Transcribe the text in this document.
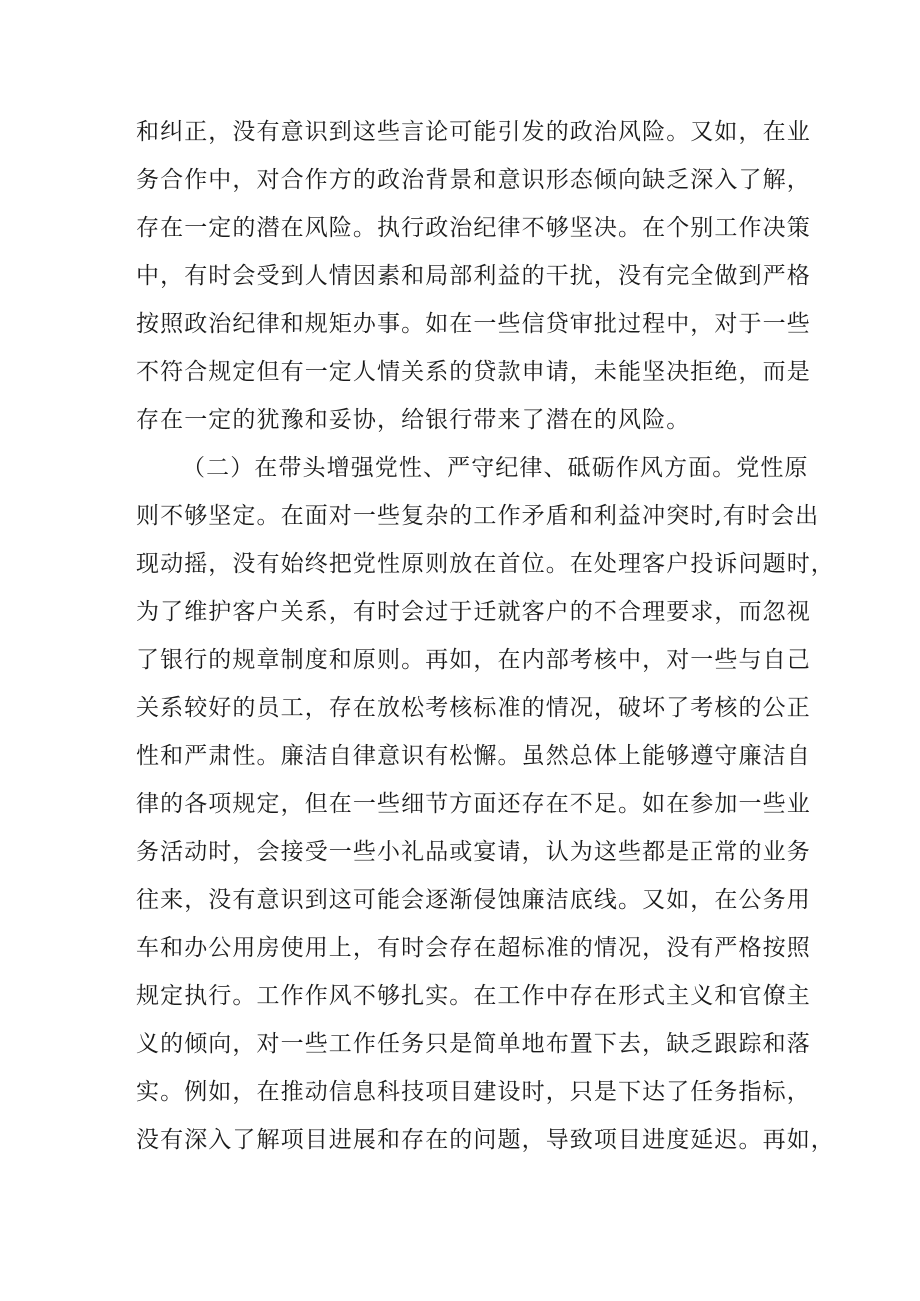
和纠正，没有意识到这些言论可能引发的政治风险。又如，在业
务合作中，对合作方的政治背景和意识形态倾向缺乏深入了解，
存在一定的潜在风险。执行政治纪律不够坚决。在个别工作决策
中，有时会受到人情因素和局部利益的干扰，没有完全做到严格
按照政治纪律和规矩办事。如在一些信贷审批过程中，对于一些
不符合规定但有一定人情关系的贷款申请，未能坚决拒绝，而是
存在一定的犹豫和妥协，给银行带来了潜在的风险。
（二）在带头增强党性、严守纪律、砥砺作风方面。党性原
则不够坚定。在面对一些复杂的工作矛盾和利益冲突时,有时会出
现动摇，没有始终把党性原则放在首位。在处理客户投诉问题时，
为了维护客户关系，有时会过于迁就客户的不合理要求，而忽视
了银行的规章制度和原则。再如，在内部考核中，对一些与自己
关系较好的员工，存在放松考核标准的情况，破坏了考核的公正
性和严肃性。廉洁自律意识有松懈。虽然总体上能够遵守廉洁自
律的各项规定，但在一些细节方面还存在不足。如在参加一些业
务活动时，会接受一些小礼品或宴请，认为这些都是正常的业务
往来，没有意识到这可能会逐渐侵蚀廉洁底线。又如，在公务用
车和办公用房使用上，有时会存在超标准的情况，没有严格按照
规定执行。工作作风不够扎实。在工作中存在形式主义和官僚主
义的倾向，对一些工作任务只是简单地布置下去，缺乏跟踪和落
实。例如，在推动信息科技项目建设时，只是下达了任务指标，
没有深入了解项目进展和存在的问题，导致项目进度延迟。再如，
